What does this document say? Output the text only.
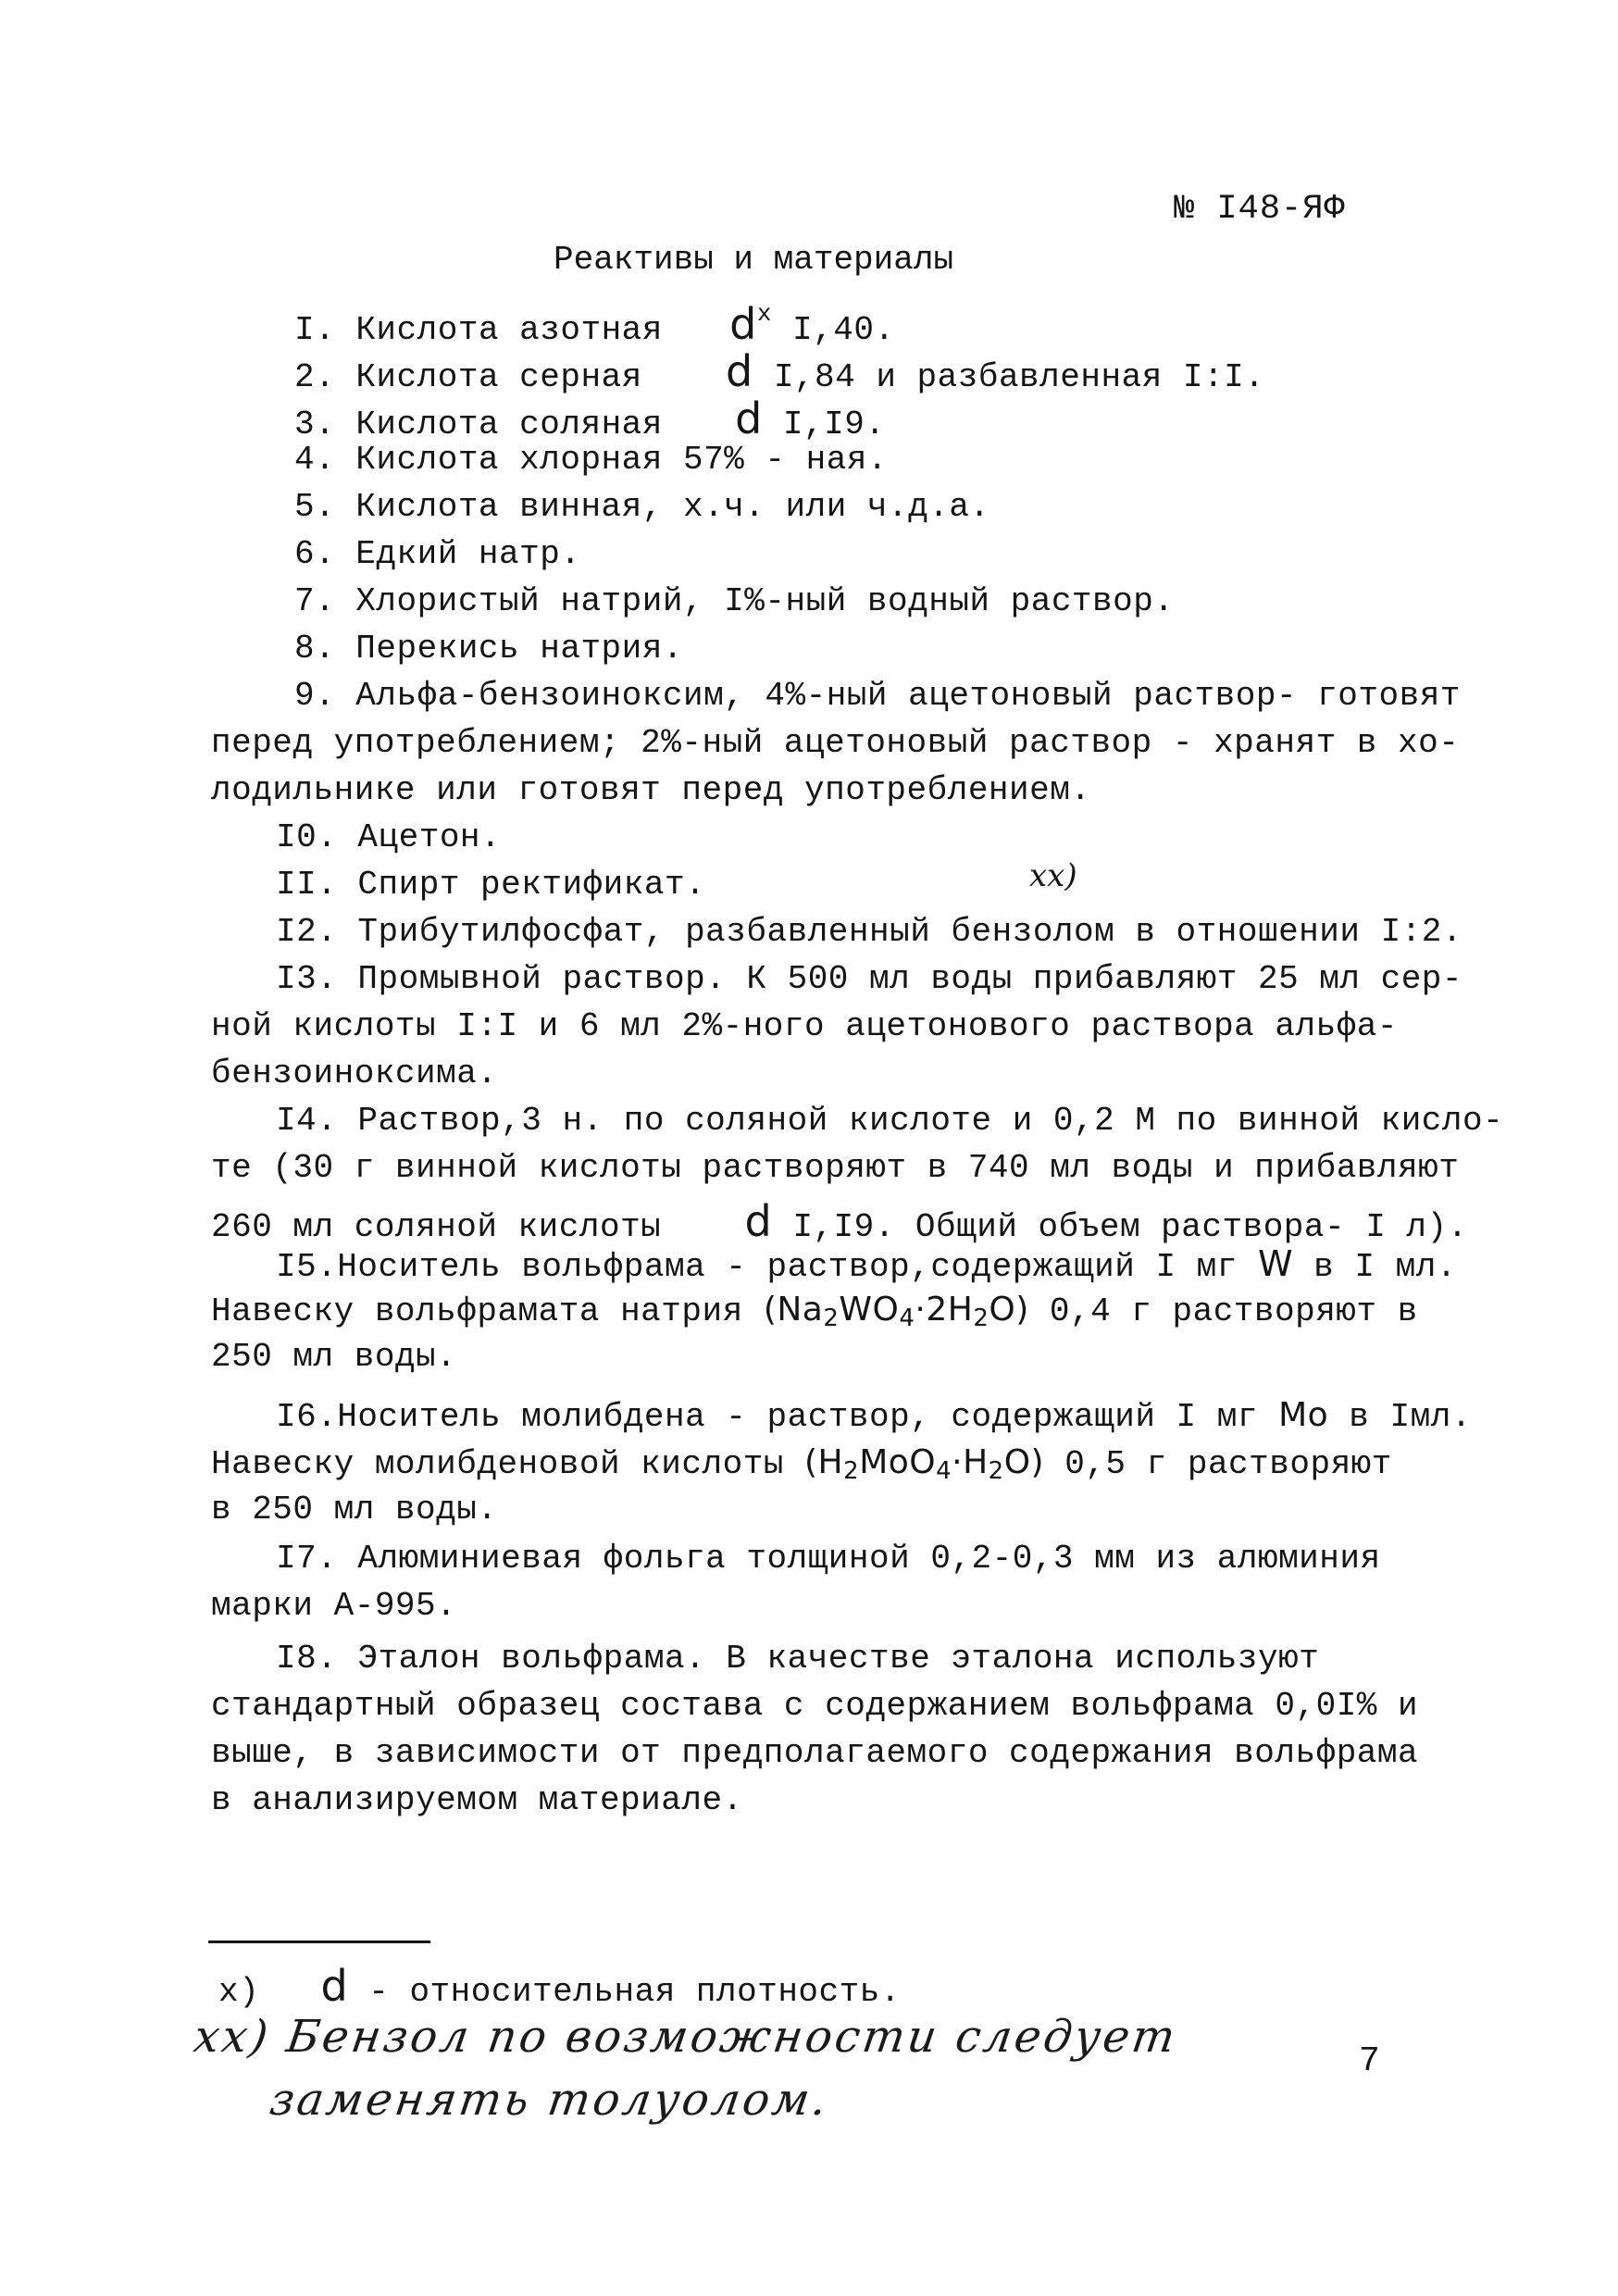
№ I48-ЯФ
Реактивы и материалы
I. Кислота азотная $d^x$ I,40.
2. Кислота серная d I,84 и разбавленная I:I.
3. Кислота соляная d I,I9.
4. Кислота хлорная 57% - ная.
5. Кислота винная, х.ч. или ч.д.а.
6. Едкий натр.
7. Хлористый натрий, I%-ный водный раствор.
8. Перекись натрия.
9. Альфа-бензоиноксим, 4%-ный ацетоновый раствор- готовят
перед употреблением; 2%-ный ацетоновый раствор - хранят в хо-
лодильнике или готовят перед употреблением.
I0. Ацетон.
II. Спирт ректификат.	xx)
I2. Трибутилфосфат, разбавленный бензолом в отношении I:2.
I3. Промывной раствор. К 500 мл воды прибавляют 25 мл сер-
ной кислоты I:I и 6 мл 2%-ного ацетонового раствора альфа-
бензоиноксима.
I4. Раствор,3 н. по соляной кислоте и 0,2 М по винной кисло-
те (30 г винной кислоты растворяют в 740 мл воды и прибавляют
260 мл соляной кислоты d I,I9. Общий объем раствора- I л).
I5.Носитель вольфрама - раствор,содержащий I мг W в I мл.
Навеску вольфрамата натрия $(Na_2WO_4\cdot 2H_2O)$ 0,4 г растворяют в
250 мл воды.
I6.Носитель молибдена - раствор, содержащий I мг Mo в Iмл.
Навеску молибденовой кислоты $(H_2MoO_4\cdot H_2O)$ 0,5 г растворяют
в 250 мл воды.
I7. Алюминиевая фольга толщиной 0,2-0,3 мм из алюминия
марки А-995.
I8. Эталон вольфрама. В качестве эталона используют
стандартный образец состава с содержанием вольфрама 0,0I% и
выше, в зависимости от предполагаемого содержания вольфрама
в анализируемом материале.
x) d - относительная плотность.
xx) Бензол по возможности следует
заменять толуолом.
7
